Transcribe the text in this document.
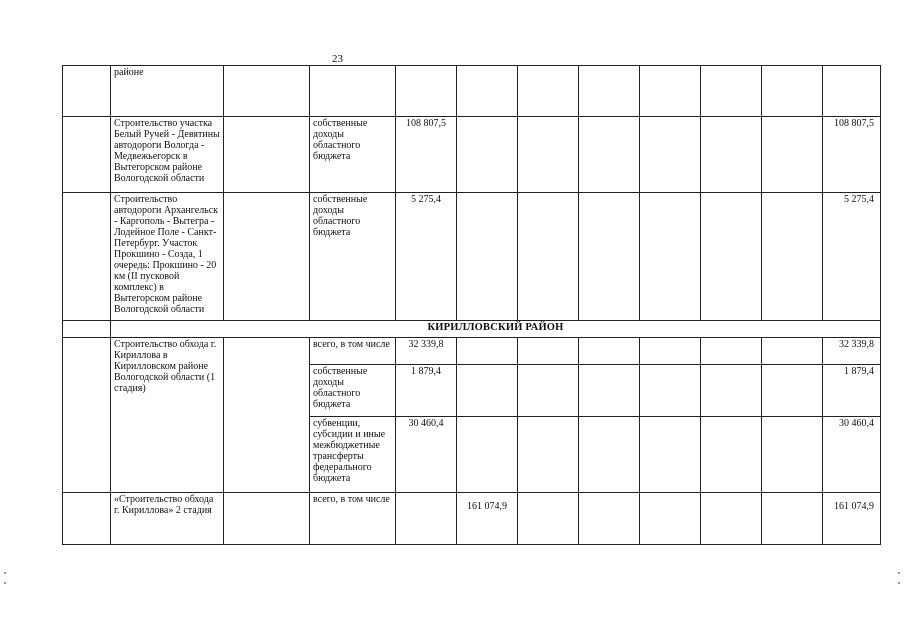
23
	районе										
	Строительство участка Белый Ручей - Девятины автодороги Вологда - Медвежьегорск в Вытегорском районе Вологодской области		собственные доходы областного бюджета	108 807,5							108 807,5
	Строительство автодороги Архангельск - Каргополь - Вытегра - Лодейное Поле - Санкт-Петербург. Участок Прокшино - Созда, 1 очередь: Прокшино - 20 км (II пусковой комплекс) в Вытегорском районе Вологодской области		собственные доходы областного бюджета	5 275,4							5 275,4
	КИРИЛЛОВСКИЙ РАЙОН										
	Строительство обхода г. Кириллова в Кирилловском районе Вологодской области (1 стадия)		всего, в том числе	32 339,8							32 339,8
			собственные доходы областного бюджета	1 879,4							1 879,4
			субвенции, субсидии и иные межбюджетные трансферты федерального бюджета	30 460,4							30 460,4
	«Строительство обхода г. Кириллова» 2 стадия		всего, в том числе		161 074,9						161 074,9
